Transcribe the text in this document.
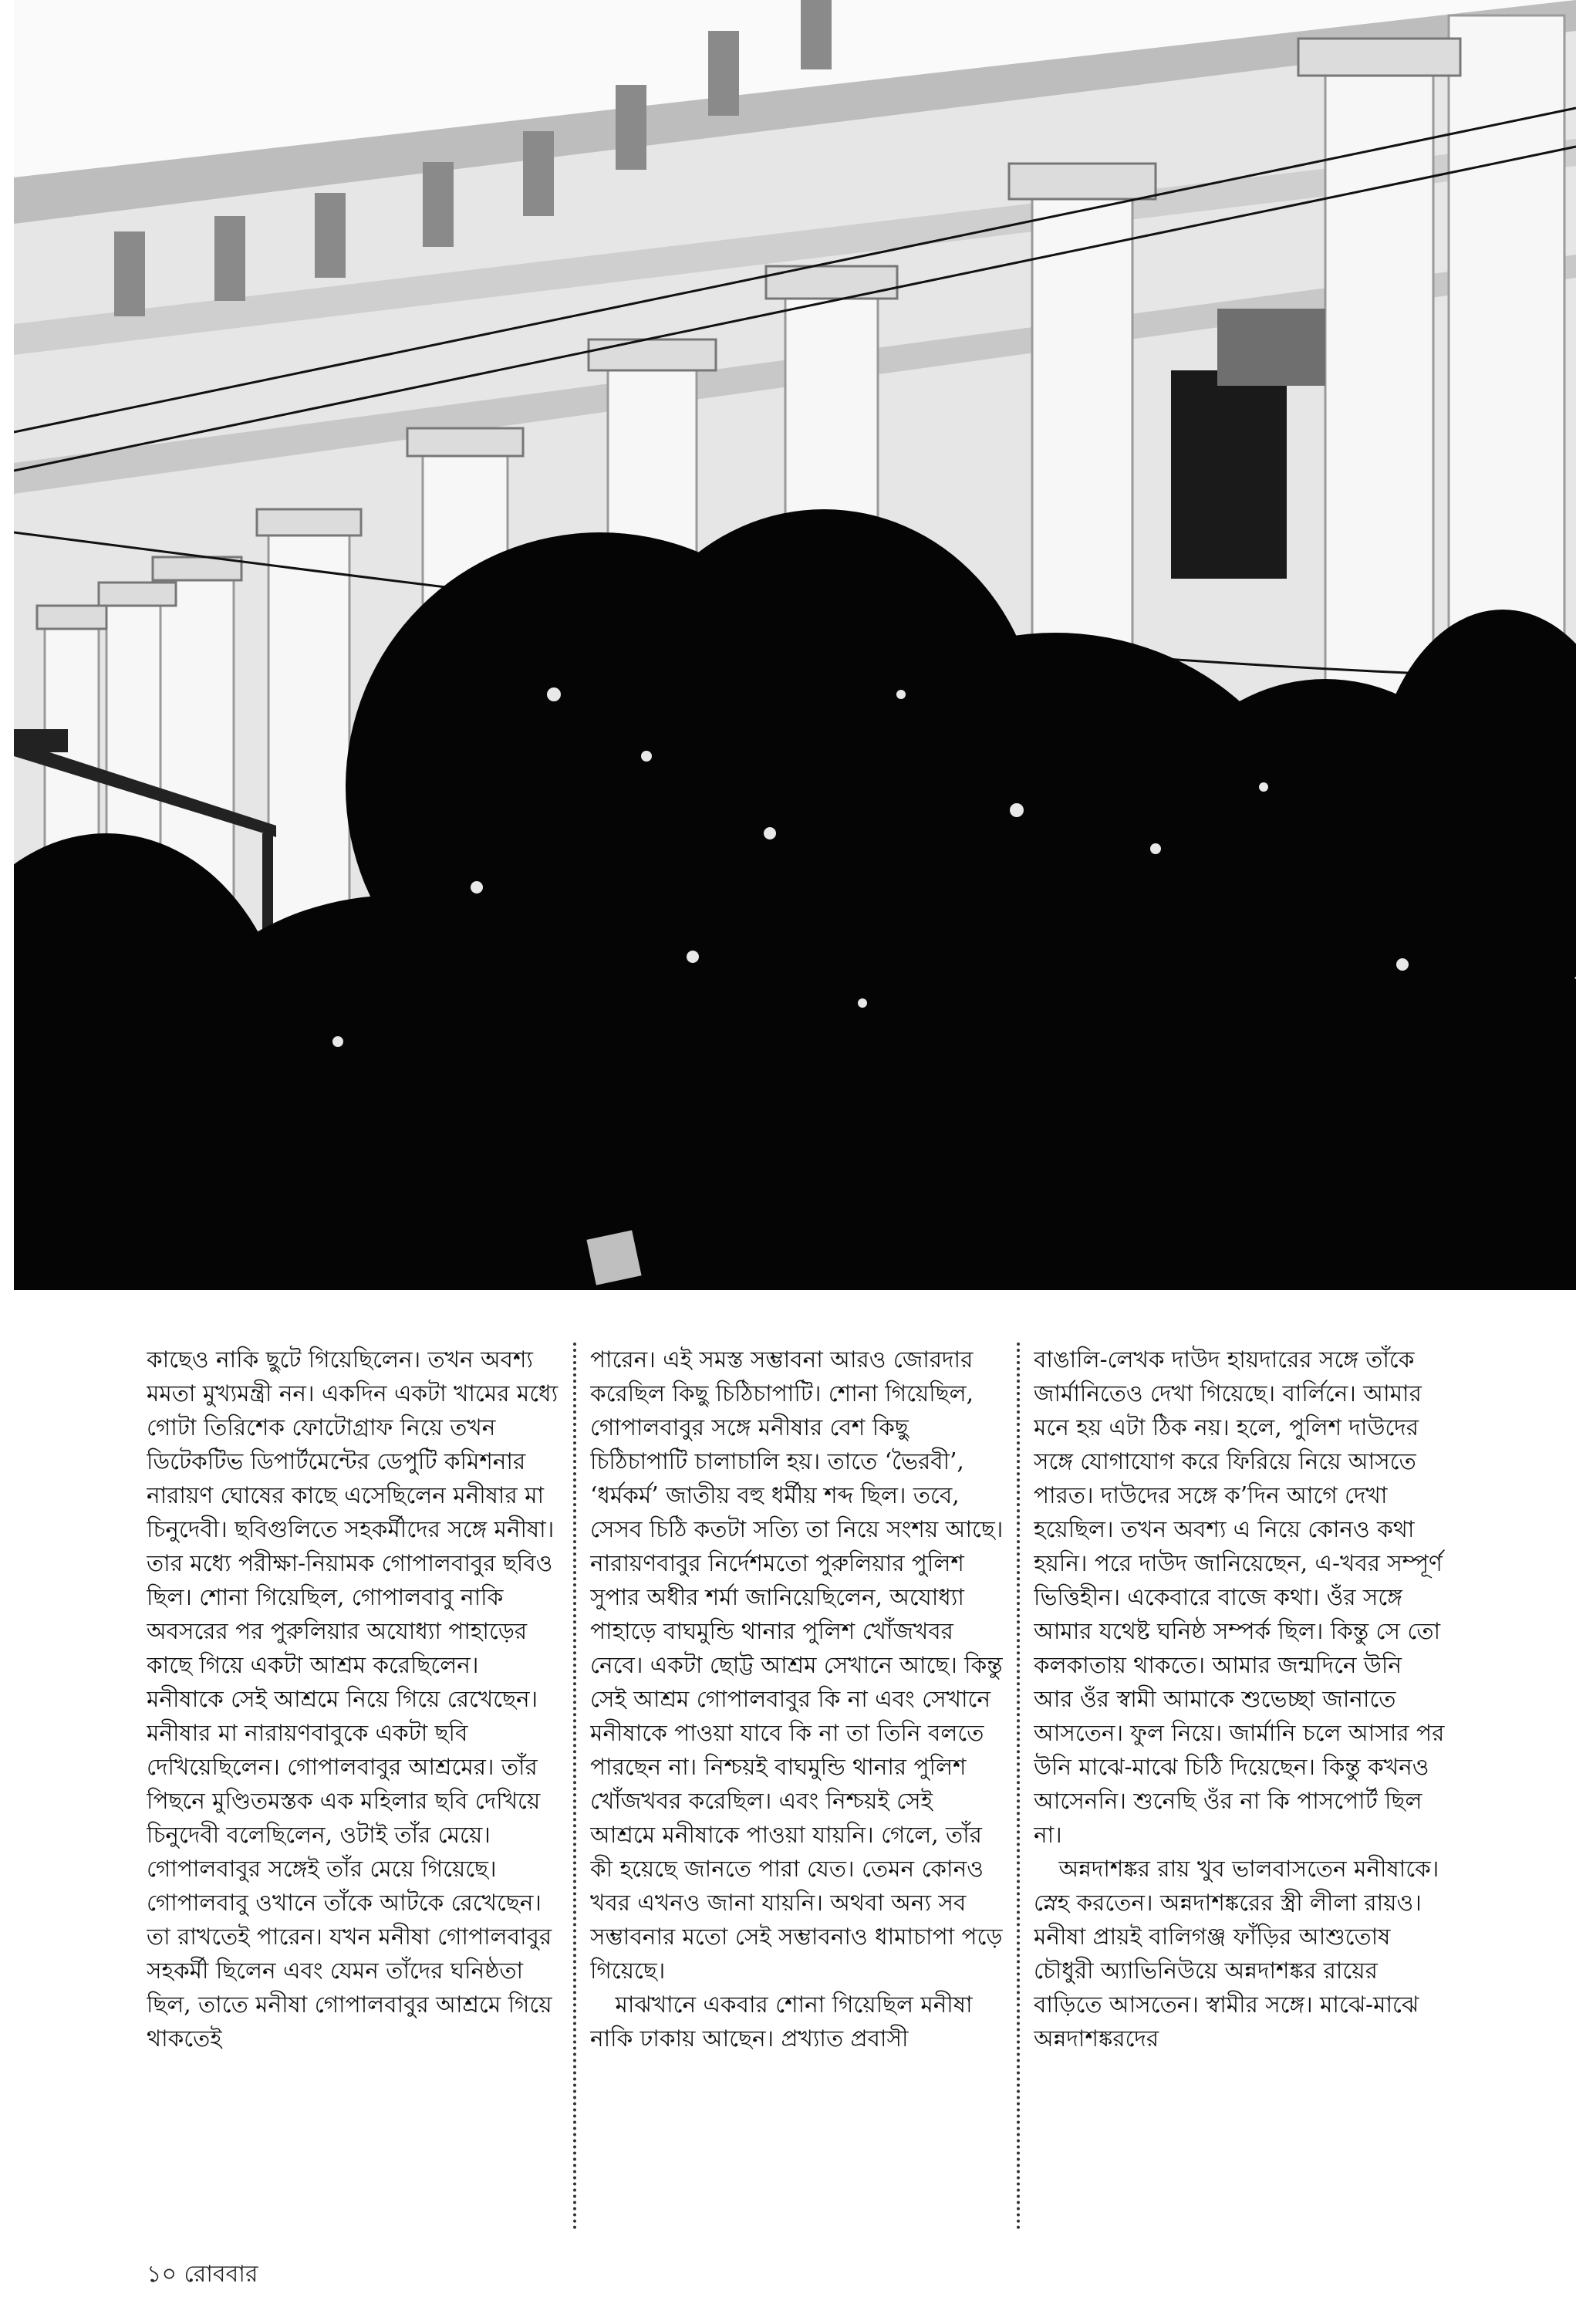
কাছেও নাকি ছুটে গিয়েছিলেন। তখন অবশ্য মমতা মুখ্যমন্ত্রী নন। একদিন একটা খামের মধ্যে গোটা তিরিশেক ফোটোগ্রাফ নিয়ে তখন ডিটেকটিভ ডিপার্টমেন্টের ডেপুটি কমিশনার নারায়ণ ঘোষের কাছে এসেছিলেন মনীষার মা চিনুদেবী। ছবিগুলিতে সহকর্মীদের সঙ্গে মনীষা। তার মধ্যে পরীক্ষা-নিয়ামক গোপালবাবুর ছবিও ছিল। শোনা গিয়েছিল, গোপালবাবু নাকি অবসরের পর পুরুলিয়ার অযোধ্যা পাহাড়ের কাছে গিয়ে একটা আশ্রম করেছিলেন। মনীষাকে সেই আশ্রমে নিয়ে গিয়ে রেখেছেন। মনীষার মা নারায়ণবাবুকে একটা ছবি দেখিয়েছিলেন। গোপালবাবুর আশ্রমের। তাঁর পিছনে মুণ্ডিতমস্তক এক মহিলার ছবি দেখিয়ে চিনুদেবী বলেছিলেন, ওটাই তাঁর মেয়ে। গোপালবাবুর সঙ্গেই তাঁর মেয়ে গিয়েছে। গোপালবাবু ওখানে তাঁকে আটকে রেখেছেন। তা রাখতেই পারেন। যখন মনীষা গোপালবাবুর সহকর্মী ছিলেন এবং যেমন তাঁদের ঘনিষ্ঠতা ছিল, তাতে মনীষা গোপালবাবুর আশ্রমে গিয়ে থাকতেই

পারেন। এই সমস্ত সম্ভাবনা আরও জোরদার করেছিল কিছু চিঠিচাপাটি। শোনা গিয়েছিল, গোপালবাবুর সঙ্গে মনীষার বেশ কিছু চিঠিচাপাটি চালাচালি হয়। তাতে ‘ভৈরবী’, ‘ধর্মকর্ম’ জাতীয় বহু ধর্মীয় শব্দ ছিল। তবে, সেসব চিঠি কতটা সত্যি তা নিয়ে সংশয় আছে। নারায়ণবাবুর নির্দেশমতো পুরুলিয়ার পুলিশ সুপার অধীর শর্মা জানিয়েছিলেন, অযোধ্যা পাহাড়ে বাঘমুন্ডি থানার পুলিশ খোঁজখবর নেবে। একটা ছোট্ট আশ্রম সেখানে আছে। কিন্তু সেই আশ্রম গোপালবাবুর কি না এবং সেখানে মনীষাকে পাওয়া যাবে কি না তা তিনি বলতে পারছেন না। নিশ্চয়ই বাঘমুন্ডি থানার পুলিশ খোঁজখবর করেছিল। এবং নিশ্চয়ই সেই আশ্রমে মনীষাকে পাওয়া যায়নি। গেলে, তাঁর কী হয়েছে জানতে পারা যেত। তেমন কোনও খবর এখনও জানা যায়নি। অথবা অন্য সব সম্ভাবনার মতো সেই সম্ভাবনাও ধামাচাপা পড়ে গিয়েছে।

মাঝখানে একবার শোনা গিয়েছিল মনীষা নাকি ঢাকায় আছেন। প্রখ্যাত প্রবাসী

বাঙালি-লেখক দাউদ হায়দারের সঙ্গে তাঁকে জার্মানিতেও দেখা গিয়েছে। বার্লিনে। আমার মনে হয় এটা ঠিক নয়। হলে, পুলিশ দাউদের সঙ্গে যোগাযোগ করে ফিরিয়ে নিয়ে আসতে পারত। দাউদের সঙ্গে ক’দিন আগে দেখা হয়েছিল। তখন অবশ্য এ নিয়ে কোনও কথা হয়নি। পরে দাউদ জানিয়েছেন, এ-খবর সম্পূর্ণ ভিত্তিহীন। একেবারে বাজে কথা। ওঁর সঙ্গে আমার যথেষ্ট ঘনিষ্ঠ সম্পর্ক ছিল। কিন্তু সে তো কলকাতায় থাকতে। আমার জন্মদিনে উনি আর ওঁর স্বামী আমাকে শুভেচ্ছা জানাতে আসতেন। ফুল নিয়ে। জার্মানি চলে আসার পর উনি মাঝে-মাঝে চিঠি দিয়েছেন। কিন্তু কখনও আসেননি। শুনেছি ওঁর না কি পাসপোর্ট ছিল না।

অন্নদাশঙ্কর রায় খুব ভালবাসতেন মনীষাকে। স্নেহ করতেন। অন্নদাশঙ্করের স্ত্রী লীলা রায়ও। মনীষা প্রায়ই বালিগঞ্জ ফাঁড়ির আশুতোষ চৌধুরী অ্যাভিনিউয়ে অন্নদাশঙ্কর রায়ের বাড়িতে আসতেন। স্বামীর সঙ্গে। মাঝে-মাঝে অন্নদাশঙ্করদের

১০ রোববার
